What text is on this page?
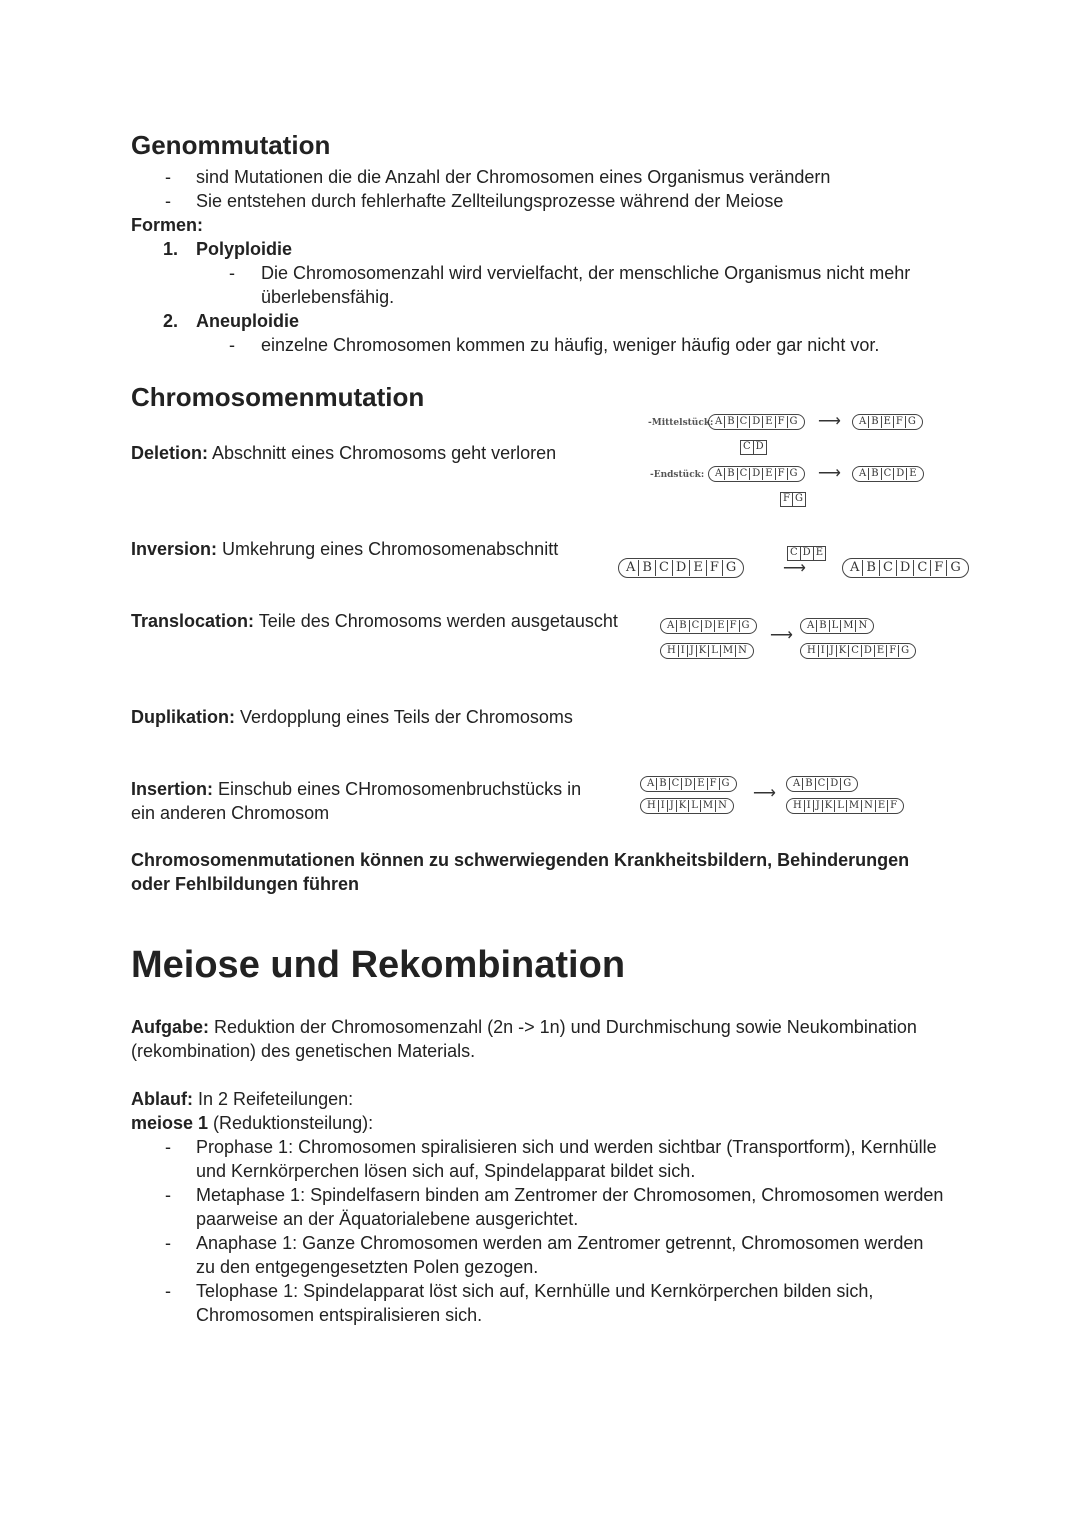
Genommutation
- sind Mutationen die die Anzahl der Chromosomen eines Organismus verändern
- Sie entstehen durch fehlerhafte Zellteilungsprozesse während der Meiose
Formen:
1. Polyploidie
- Die Chromosomenzahl wird vervielfacht, der menschliche Organismus nicht mehr
überlebensfähig.
2. Aneuploidie
- einzelne Chromosomen kommen zu häufig, weniger häufig oder gar nicht vor.
Chromosomenmutation
Deletion: Abschnitt eines Chromosoms geht verloren
Inversion: Umkehrung eines Chromosomenabschnitt
Translocation: Teile des Chromosoms werden ausgetauscht
Duplikation: Verdopplung eines Teils der Chromosoms
Insertion: Einschub eines CHromosomenbruchstücks in
ein anderen Chromosom
-Mittelstück: A B C D E F G ⟶ A B E F G
C D
-Endstück: A B C D E F G ⟶ A B C D E
F G
A B C D E F G
C D E
⟶	A B C D C F G
A B C D E F G
H I J K L M N
⟶
A B L M N
H I J K C D E F G
A B C D E F G
H I J K L M N
⟶
A B C D G
H I J K L M N E F
Chromosomenmutationen können zu schwerwiegenden Krankheitsbildern, Behinderungen
oder Fehlbildungen führen
Meiose und Rekombination
Aufgabe: Reduktion der Chromosomenzahl (2n -> 1n) und Durchmischung sowie Neukombination
(rekombination) des genetischen Materials.
Ablauf: In 2 Reifeteilungen:
meiose 1 (Reduktionsteilung):
- Prophase 1: Chromosomen spiralisieren sich und werden sichtbar (Transportform), Kernhülle
und Kernkörperchen lösen sich auf, Spindelapparat bildet sich.
- Metaphase 1: Spindelfasern binden am Zentromer der Chromosomen, Chromosomen werden
paarweise an der Äquatorialebene ausgerichtet.
- Anaphase 1: Ganze Chromosomen werden am Zentromer getrennt, Chromosomen werden
zu den entgegengesetzten Polen gezogen.
- Telophase 1: Spindelapparat löst sich auf, Kernhülle und Kernkörperchen bilden sich,
Chromosomen entspiralisieren sich.
